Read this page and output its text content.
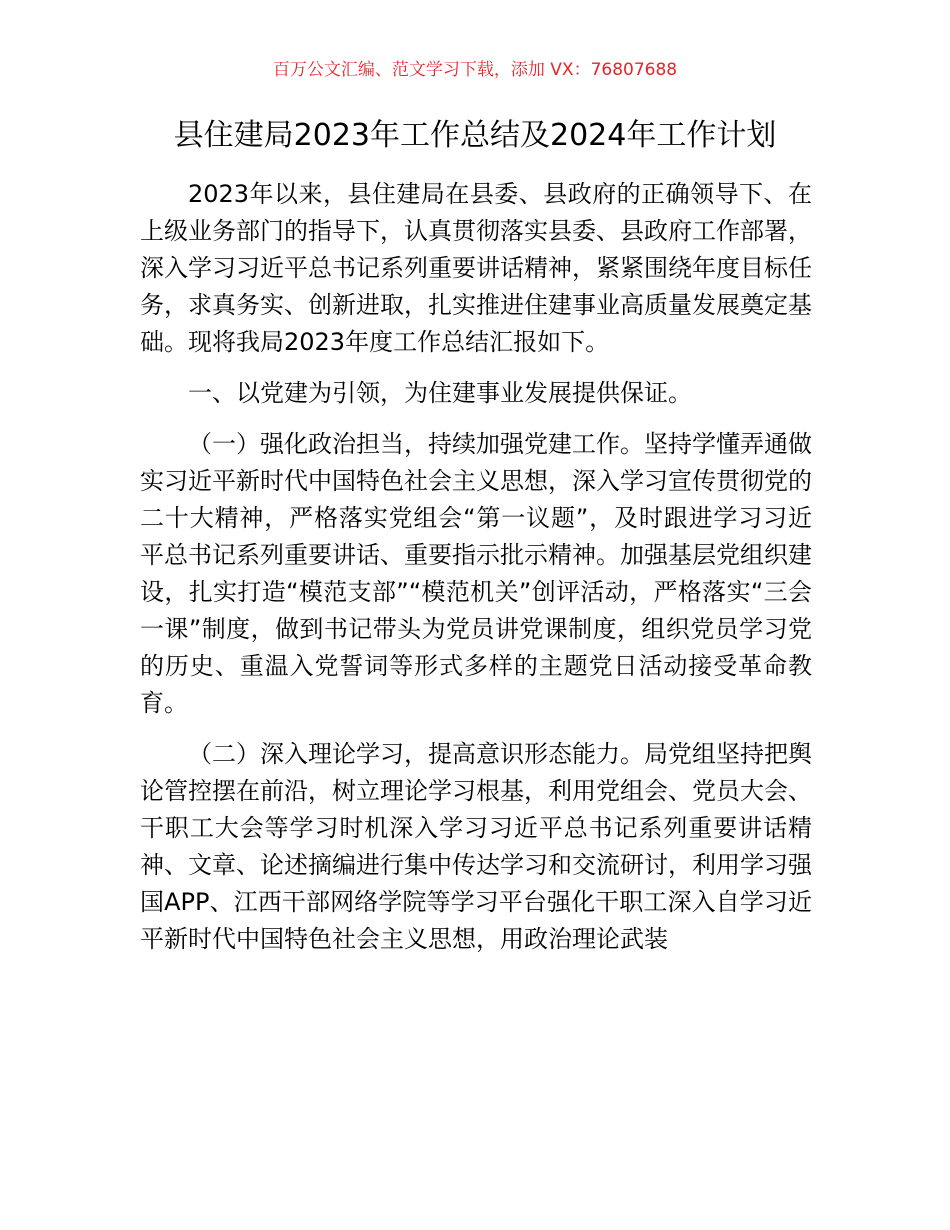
百万公文汇编、范文学习下载，添加 VX：76807688
县住建局2023年工作总结及2024年工作计划

2023年以来，县住建局在县委、县政府的正确领导下、在上级业务部门的指导下，认真贯彻落实县委、县政府工作部署，深入学习习近平总书记系列重要讲话精神，紧紧围绕年度目标任务，求真务实、创新进取，扎实推进住建事业高质量发展奠定基础。现将我局2023年度工作总结汇报如下。

一、以党建为引领，为住建事业发展提供保证。

（一）强化政治担当，持续加强党建工作。坚持学懂弄通做实习近平新时代中国特色社会主义思想，深入学习宣传贯彻党的二十大精神，严格落实党组会“第一议题”，及时跟进学习习近平总书记系列重要讲话、重要指示批示精神。加强基层党组织建设，扎实打造“模范支部”“模范机关”创评活动，严格落实“三会一课”制度，做到书记带头为党员讲党课制度，组织党员学习党的历史、重温入党誓词等形式多样的主题党日活动接受革命教育。

（二）深入理论学习，提高意识形态能力。局党组坚持把舆论管控摆在前沿，树立理论学习根基，利用党组会、党员大会、干职工大会等学习时机深入学习习近平总书记系列重要讲话精神、文章、论述摘编进行集中传达学习和交流研讨，利用学习强国APP、江西干部网络学院等学习平台强化干职工深入自学习近平新时代中国特色社会主义思想，用政治理论武装
